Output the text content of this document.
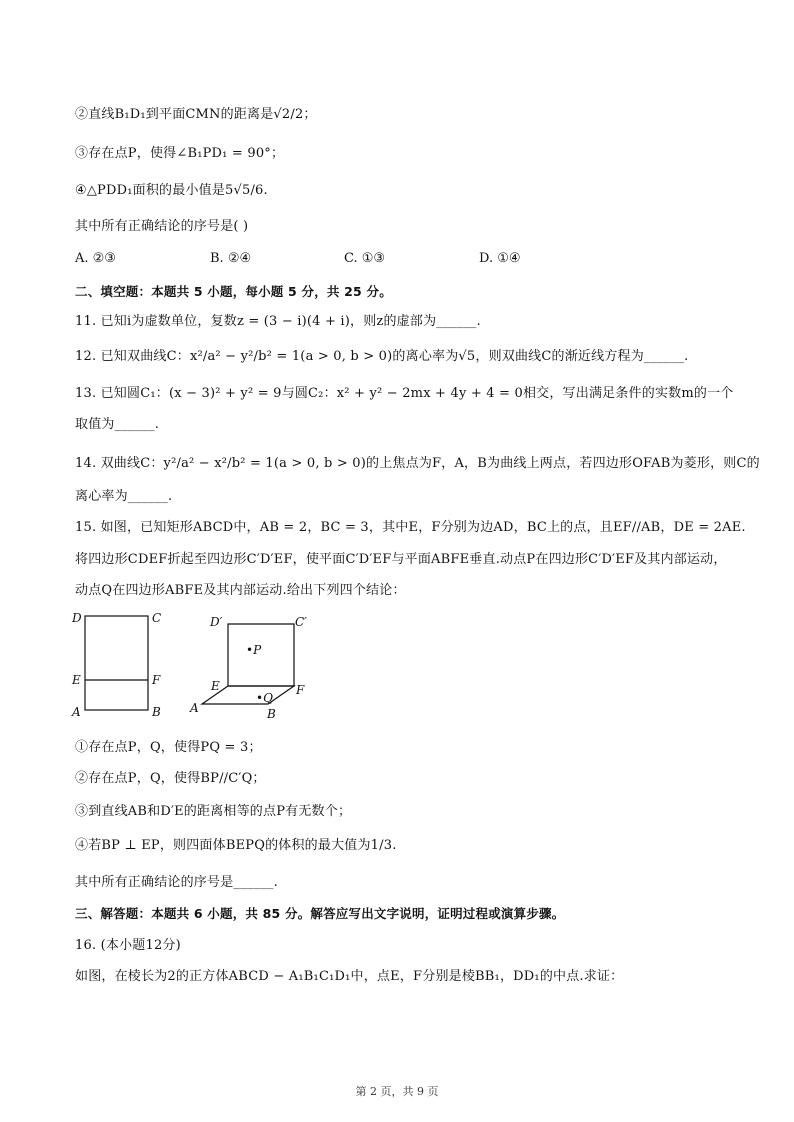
②直线B₁D₁到平面CMN的距离是√2/2；
③存在点P，使得∠B₁PD₁ = 90°；
④△PDD₁面积的最小值是5√5/6.
其中所有正确结论的序号是( )
A. ②③	B. ②④	C. ①③	D. ①④
二、填空题：本题共 5 小题，每小题 5 分，共 25 分。
11. 已知i为虚数单位，复数z = (3 − i)(4 + i)，则z的虚部为______.
12. 已知双曲线C：x²/a² − y²/b² = 1(a > 0, b > 0)的离心率为√5，则双曲线C的渐近线方程为______.
13. 已知圆C₁：(x − 3)² + y² = 9与圆C₂：x² + y² − 2mx + 4y + 4 = 0相交，写出满足条件的实数m的一个
取值为______.
14. 双曲线C：y²/a² − x²/b² = 1(a > 0, b > 0)的上焦点为F，A，B为曲线上两点，若四边形OFAB为菱形，则C的
离心率为______.
15. 如图，已知矩形ABCD中，AB = 2，BC = 3，其中E，F分别为边AD，BC上的点，且EF//AB，DE = 2AE.
将四边形CDEF折起至四边形C′D′EF，使平面C′D′EF与平面ABFE垂直.动点P在四边形C′D′EF及其内部运动，
动点Q在四边形ABFE及其内部运动.给出下列四个结论：
D	C
E	F
A	B
D′	C′
•P
E	F
•Q
A	B
①存在点P，Q，使得PQ = 3；
②存在点P，Q，使得BP//C′Q；
③到直线AB和D′E的距离相等的点P有无数个；
④若BP ⊥ EP，则四面体BEPQ的体积的最大值为1/3.
其中所有正确结论的序号是______.
三、解答题：本题共 6 小题，共 85 分。解答应写出文字说明，证明过程或演算步骤。
16. (本小题12分)
如图，在棱长为2的正方体ABCD − A₁B₁C₁D₁中，点E，F分别是棱BB₁，DD₁的中点.求证：
第 2 页，共 9 页
